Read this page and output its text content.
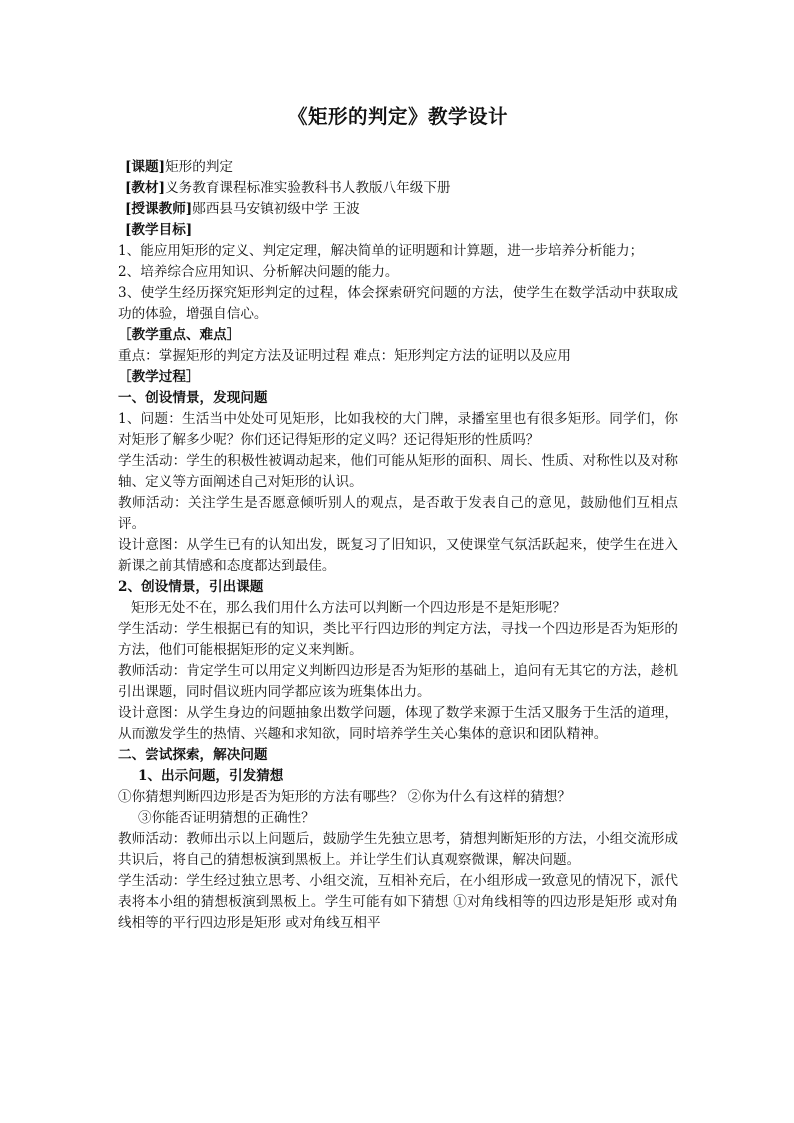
《矩形的判定》教学设计

[课题]矩形的判定

[教材]义务教育课程标准实验教科书人教版八年级下册

[授课教师]郧西县马安镇初级中学 王波

[教学目标]

1、能应用矩形的定义、判定定理，解决简单的证明题和计算题，进一步培养分析能力；

2、培养综合应用知识、分析解决问题的能力。

3、使学生经历探究矩形判定的过程，体会探索研究问题的方法，使学生在数学活动中获取成功的体验，增强自信心。

［教学重点、难点］

重点：掌握矩形的判定方法及证明过程 难点：矩形判定方法的证明以及应用

［教学过程］

一、创设情景，发现问题

1、问题：生活当中处处可见矩形，比如我校的大门牌，录播室里也有很多矩形。同学们，你对矩形了解多少呢？你们还记得矩形的定义吗？还记得矩形的性质吗？

学生活动：学生的积极性被调动起来，他们可能从矩形的面积、周长、性质、对称性以及对称轴、定义等方面阐述自己对矩形的认识。

教师活动：关注学生是否愿意倾听别人的观点，是否敢于发表自己的意见，鼓励他们互相点评。

设计意图：从学生已有的认知出发，既复习了旧知识，又使课堂气氛活跃起来，使学生在进入新课之前其情感和态度都达到最佳。

2、创设情景，引出课题

矩形无处不在，那么我们用什么方法可以判断一个四边形是不是矩形呢？

学生活动：学生根据已有的知识，类比平行四边形的判定方法，寻找一个四边形是否为矩形的方法，他们可能根据矩形的定义来判断。

教师活动：肯定学生可以用定义判断四边形是否为矩形的基础上，追问有无其它的方法，趁机引出课题，同时倡议班内同学都应该为班集体出力。

设计意图：从学生身边的问题抽象出数学问题，体现了数学来源于生活又服务于生活的道理，从而激发学生的热情、兴趣和求知欲，同时培养学生关心集体的意识和团队精神。

二、尝试探索，解决问题

1、出示问题，引发猜想

①你猜想判断四边形是否为矩形的方法有哪些？ ②你为什么有这样的猜想？

③你能否证明猜想的正确性？

教师活动：教师出示以上问题后，鼓励学生先独立思考，猜想判断矩形的方法，小组交流形成共识后，将自己的猜想板演到黑板上。并让学生们认真观察微课，解决问题。

学生活动：学生经过独立思考、小组交流，互相补充后，在小组形成一致意见的情况下，派代表将本小组的猜想板演到黑板上。学生可能有如下猜想 ①对角线相等的四边形是矩形 或对角线相等的平行四边形是矩形 或对角线互相平
